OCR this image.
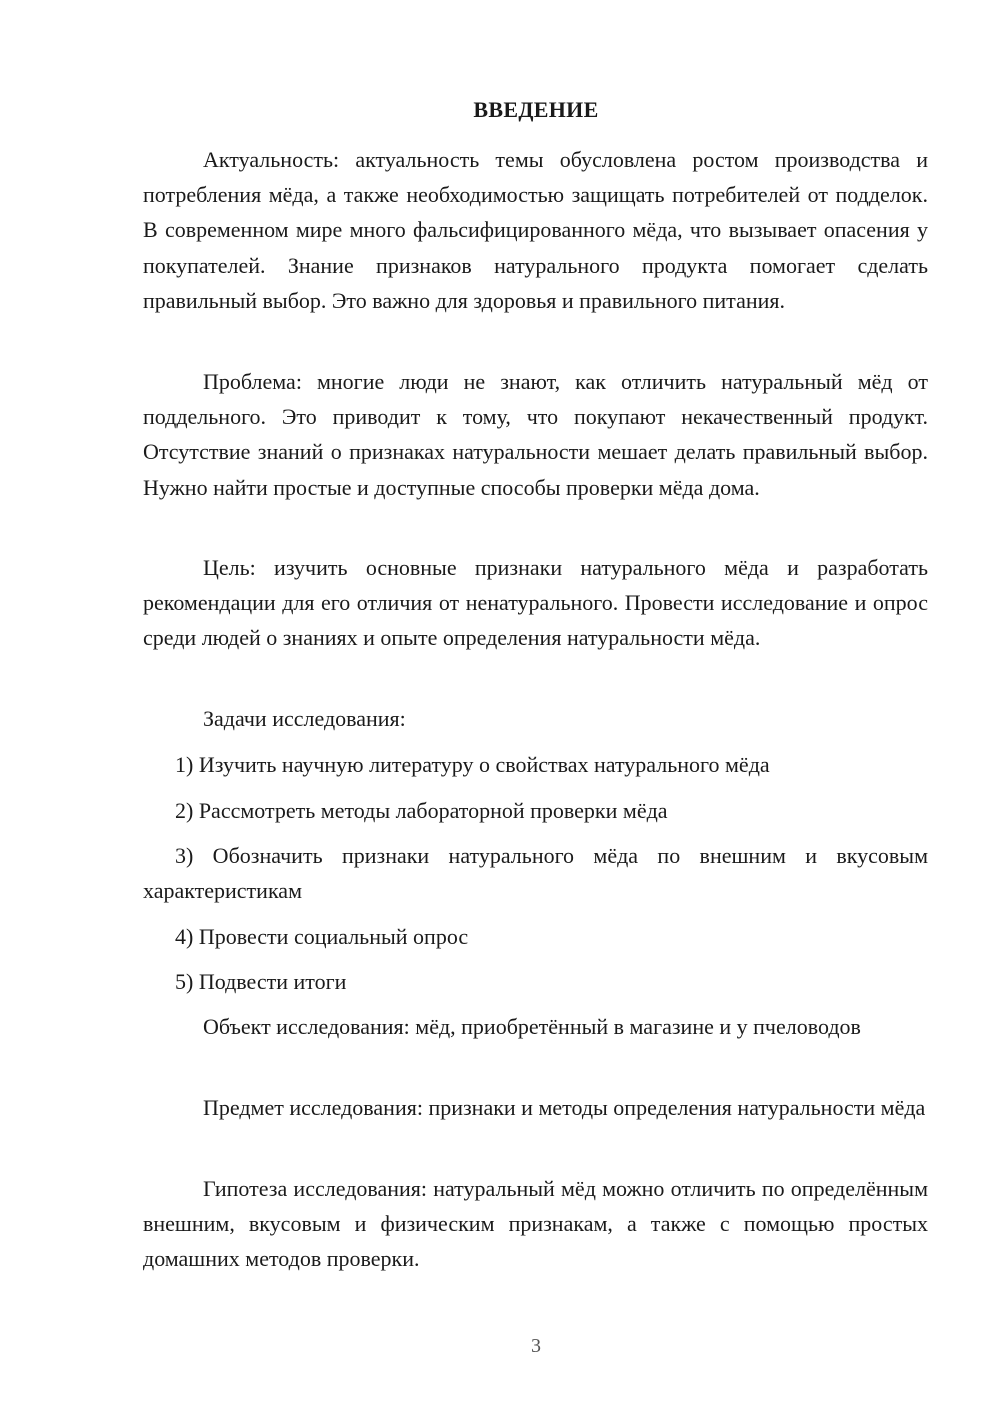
ВВЕДЕНИЕ

Актуальность: актуальность темы обусловлена ростом производства и потребления мёда, а также необходимостью защищать потребителей от подделок. В современном мире много фальсифицированного мёда, что вызывает опасения у покупателей. Знание признаков натурального продукта помогает сделать правильный выбор. Это важно для здоровья и правильного питания.

Проблема: многие люди не знают, как отличить натуральный мёд от поддельного. Это приводит к тому, что покупают некачественный продукт. Отсутствие знаний о признаках натуральности мешает делать правильный выбор. Нужно найти простые и доступные способы проверки мёда дома.

Цель: изучить основные признаки натурального мёда и разработать рекомендации для его отличия от ненатурального. Провести исследование и опрос среди людей о знаниях и опыте определения натуральности мёда.

Задачи исследования:

1) Изучить научную литературу о свойствах натурального мёда

2) Рассмотреть методы лабораторной проверки мёда

3) Обозначить признаки натурального мёда по внешним и вкусовым характеристикам

4) Провести социальный опрос

5) Подвести итоги

Объект исследования: мёд, приобретённый в магазине и у пчеловодов

Предмет исследования: признаки и методы определения натуральности мёда

Гипотеза исследования: натуральный мёд можно отличить по определённым внешним, вкусовым и физическим признакам, а также с помощью простых домашних методов проверки.

3
